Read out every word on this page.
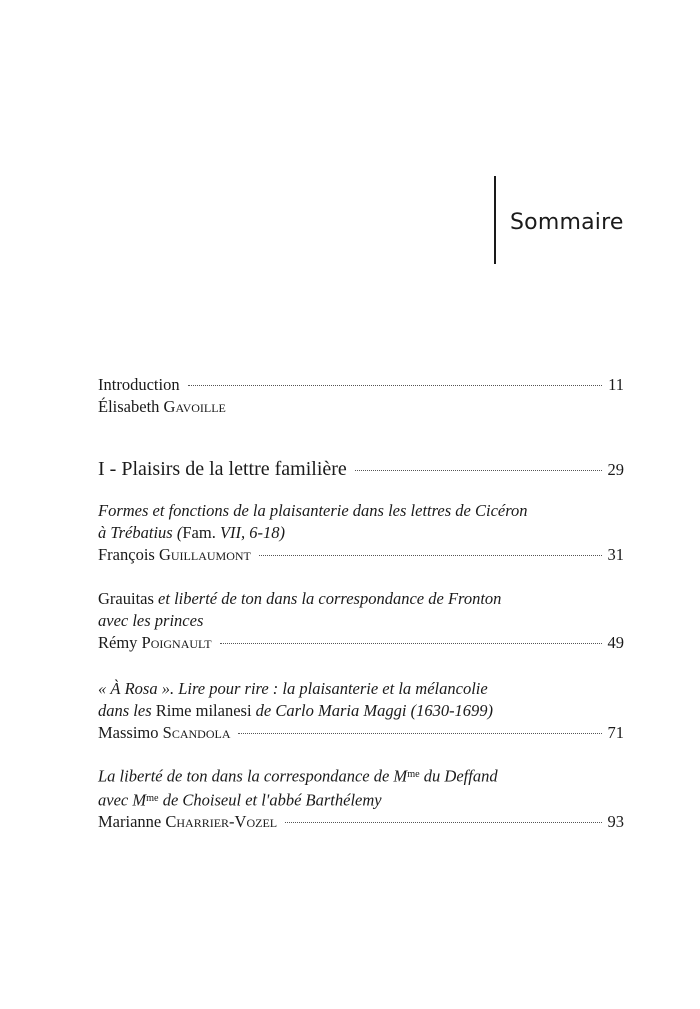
Sommaire
Introduction	11
Élisabeth Gavoille
I - Plaisirs de la lettre familière	29
Formes et fonctions de la plaisanterie dans les lettres de Cicéron
à Trébatius (Fam. VII, 6-18)
François Guillaumont	31
Grauitas et liberté de ton dans la correspondance de Fronton
avec les princes
Rémy Poignault	49
« À Rosa ». Lire pour rire : la plaisanterie et la mélancolie
dans les Rime milanesi de Carlo Maria Maggi (1630-1699)
Massimo Scandola	71
La liberté de ton dans la correspondance de $M^{me}$ du Deffand
avec $M^{me}$ de Choiseul et l'abbé Barthélemy
Marianne Charrier-Vozel	93
